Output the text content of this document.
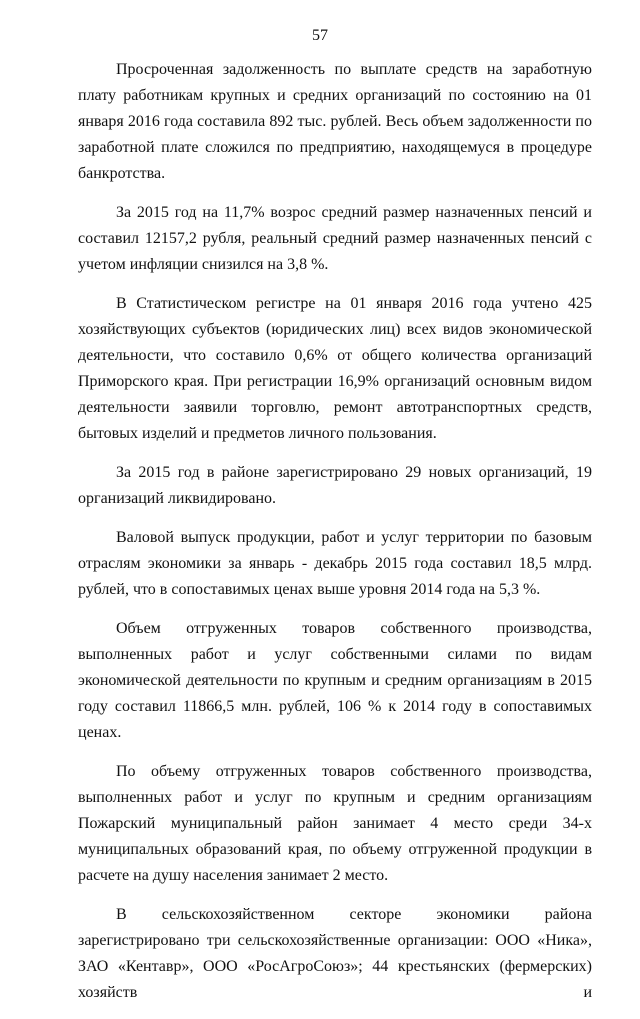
57

Просроченная задолженность по выплате средств на заработную плату работникам крупных и средних организаций по состоянию на 01 января 2016 года составила 892 тыс. рублей. Весь объем задолженности по заработной плате сложился по предприятию, находящемуся в процедуре банкротства.

За 2015 год на 11,7% возрос средний размер назначенных пенсий и составил 12157,2 рубля, реальный средний размер назначенных пенсий с учетом инфляции снизился на 3,8 %.

В Статистическом регистре на 01 января 2016 года учтено 425 хозяйствующих субъектов (юридических лиц) всех видов экономической деятельности, что составило 0,6% от общего количества организаций Приморского края. При регистрации 16,9% организаций основным видом деятельности заявили торговлю, ремонт автотранспортных средств, бытовых изделий и предметов личного пользования.

За 2015 год в районе зарегистрировано 29 новых организаций, 19 организаций ликвидировано.

Валовой выпуск продукции, работ и услуг территории по базовым отраслям экономики за январь - декабрь 2015 года составил 18,5 млрд. рублей, что в сопоставимых ценах выше уровня 2014 года на 5,3 %.

Объем отгруженных товаров собственного производства, выполненных работ и услуг собственными силами по видам экономической деятельности по крупным и средним организациям в 2015 году составил 11866,5 млн. рублей, 106 % к 2014 году в сопоставимых ценах.

По объему отгруженных товаров собственного производства, выполненных работ и услуг по крупным и средним организациям Пожарский муниципальный район занимает 4 место среди 34-х муниципальных образований края, по объему отгруженной продукции в расчете на душу населения занимает 2 место.

В сельскохозяйственном секторе экономики района зарегистрировано три сельскохозяйственные организации: ООО «Ника», ЗАО «Кентавр», ООО «РосАгроСоюз»; 44 крестьянских (фермерских) хозяйств и
